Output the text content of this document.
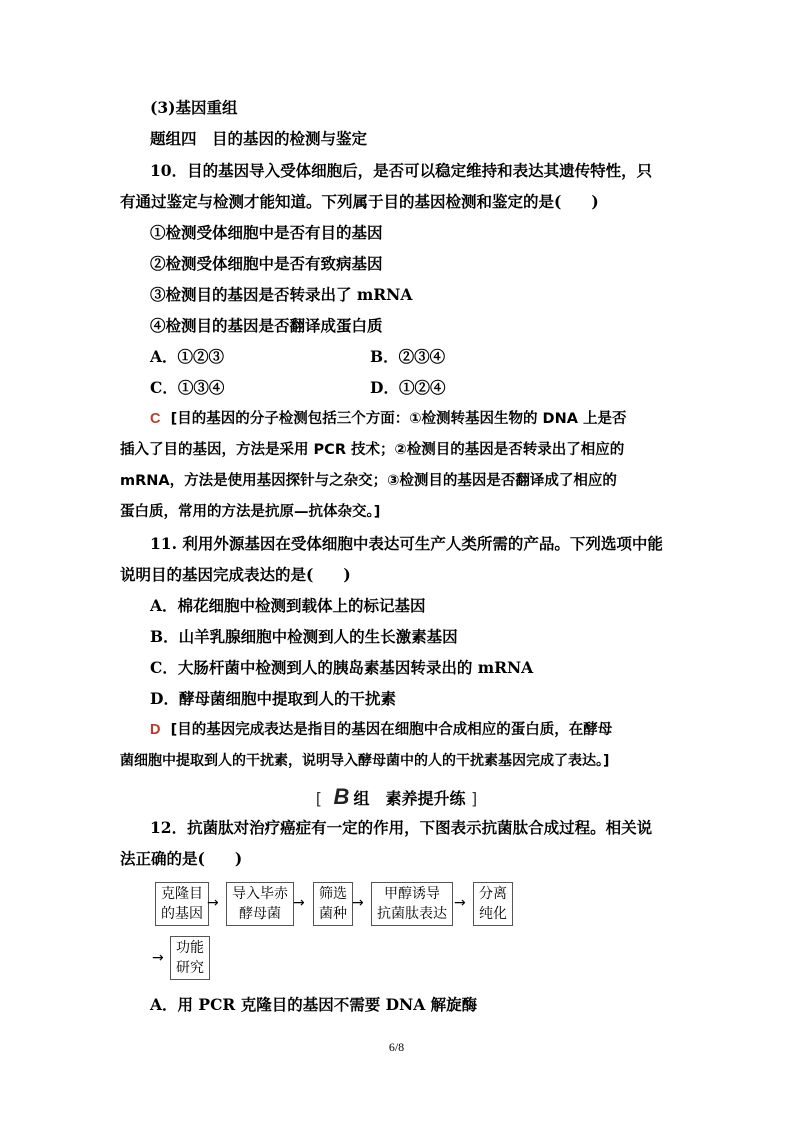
(3)基因重组
题组四　目的基因的检测与鉴定
10．目的基因导入受体细胞后，是否可以稳定维持和表达其遗传特性，只
有通过鉴定与检测才能知道。下列属于目的基因检测和鉴定的是( )
①检测受体细胞中是否有目的基因
②检测受体细胞中是否有致病基因
③检测目的基因是否转录出了 mRNA
④检测目的基因是否翻译成蛋白质
A．①②③	B．②③④
C．①③④	D．①②④
C [目的基因的分子检测包括三个方面：①检测转基因生物的 DNA 上是否
插入了目的基因，方法是采用 PCR 技术；②检测目的基因是否转录出了相应的
mRNA，方法是使用基因探针与之杂交；③检测目的基因是否翻译成了相应的
蛋白质，常用的方法是抗原—抗体杂交。]
11. 利用外源基因在受体细胞中表达可生产人类所需的产品。下列选项中能
说明目的基因完成表达的是( )
A．棉花细胞中检测到载体上的标记基因
B．山羊乳腺细胞中检测到人的生长激素基因
C．大肠杆菌中检测到人的胰岛素基因转录出的 mRNA
D．酵母菌细胞中提取到人的干扰素
D [目的基因完成表达是指目的基因在细胞中合成相应的蛋白质，在酵母
菌细胞中提取到人的干扰素，说明导入酵母菌中的人的干扰素基因完成了表达。]
[ B 组　素养提升练 ]
12．抗菌肽对治疗癌症有一定的作用，下图表示抗菌肽合成过程。相关说
法正确的是( )
克隆目
的基因
→
导入毕赤
酵母菌
→
筛选
菌种
→
甲醇诱导
抗菌肽表达
→
分离
纯化
→
功能
研究
A．用 PCR 克隆目的基因不需要 DNA 解旋酶
6/8
